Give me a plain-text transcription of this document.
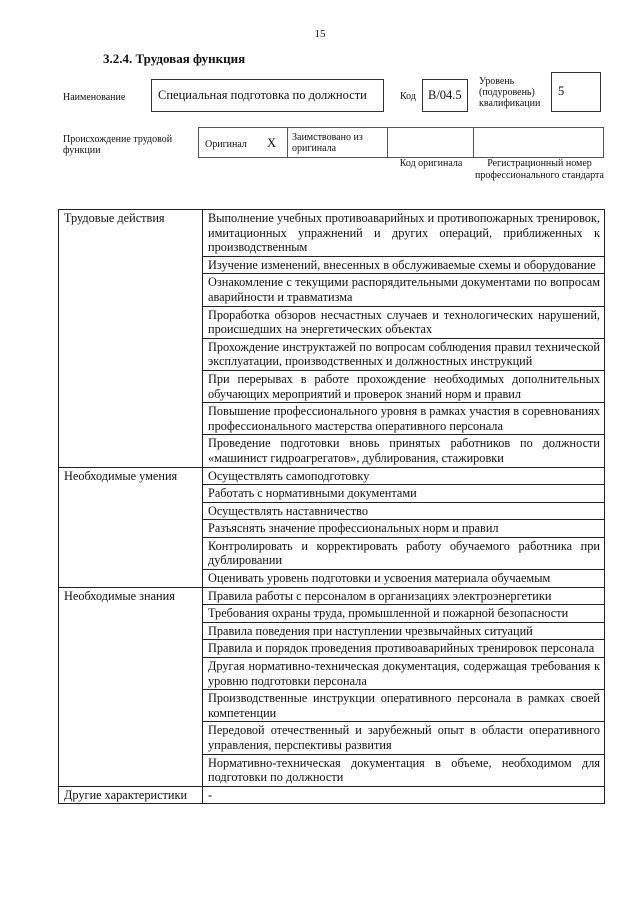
15
3.2.4. Трудовая функция
Наименование	Специальная подготовка по должности	Код B/04.5
Уровень (подуровень) квалификации
5
Происхождение трудовой функции
Оригинал X Заимствовано из оригинала
Код оригинала	Регистрационный номер профессионального стандарта
Трудовые действия	Выполнение учебных противоаварийных и противопожарных тренировок, имитационных упражнений и других операций, приближенных к производственным
	Изучение изменений, внесенных в обслуживаемые схемы и оборудование
	Ознакомление с текущими распорядительными документами по вопросам аварийности и травматизма
	Проработка обзоров несчастных случаев и технологических нарушений, происшедших на энергетических объектах
	Прохождение инструктажей по вопросам соблюдения правил технической эксплуатации, производственных и должностных инструкций
	При перерывах в работе прохождение необходимых дополнительных обучающих мероприятий и проверок знаний норм и правил
	Повышение профессионального уровня в рамках участия в соревнованиях профессионального мастерства оперативного персонала
	Проведение подготовки вновь принятых работников по должности «машинист гидроагрегатов», дублирования, стажировки
Необходимые умения	Осуществлять самоподготовку
	Работать с нормативными документами
	Осуществлять наставничество
	Разъяснять значение профессиональных норм и правил
	Контролировать и корректировать работу обучаемого работника при дублировании
	Оценивать уровень подготовки и усвоения материала обучаемым
Необходимые знания	Правила работы с персоналом в организациях электроэнергетики
	Требования охраны труда, промышленной и пожарной безопасности
	Правила поведения при наступлении чрезвычайных ситуаций
	Правила и порядок проведения противоаварийных тренировок персонала
	Другая нормативно-техническая документация, содержащая требования к уровню подготовки персонала
	Производственные инструкции оперативного персонала в рамках своей компетенции
	Передовой отечественный и зарубежный опыт в области оперативного управления, перспективы развития
	Нормативно-техническая документация в объеме, необходимом для подготовки по должности
Другие характеристики	-
